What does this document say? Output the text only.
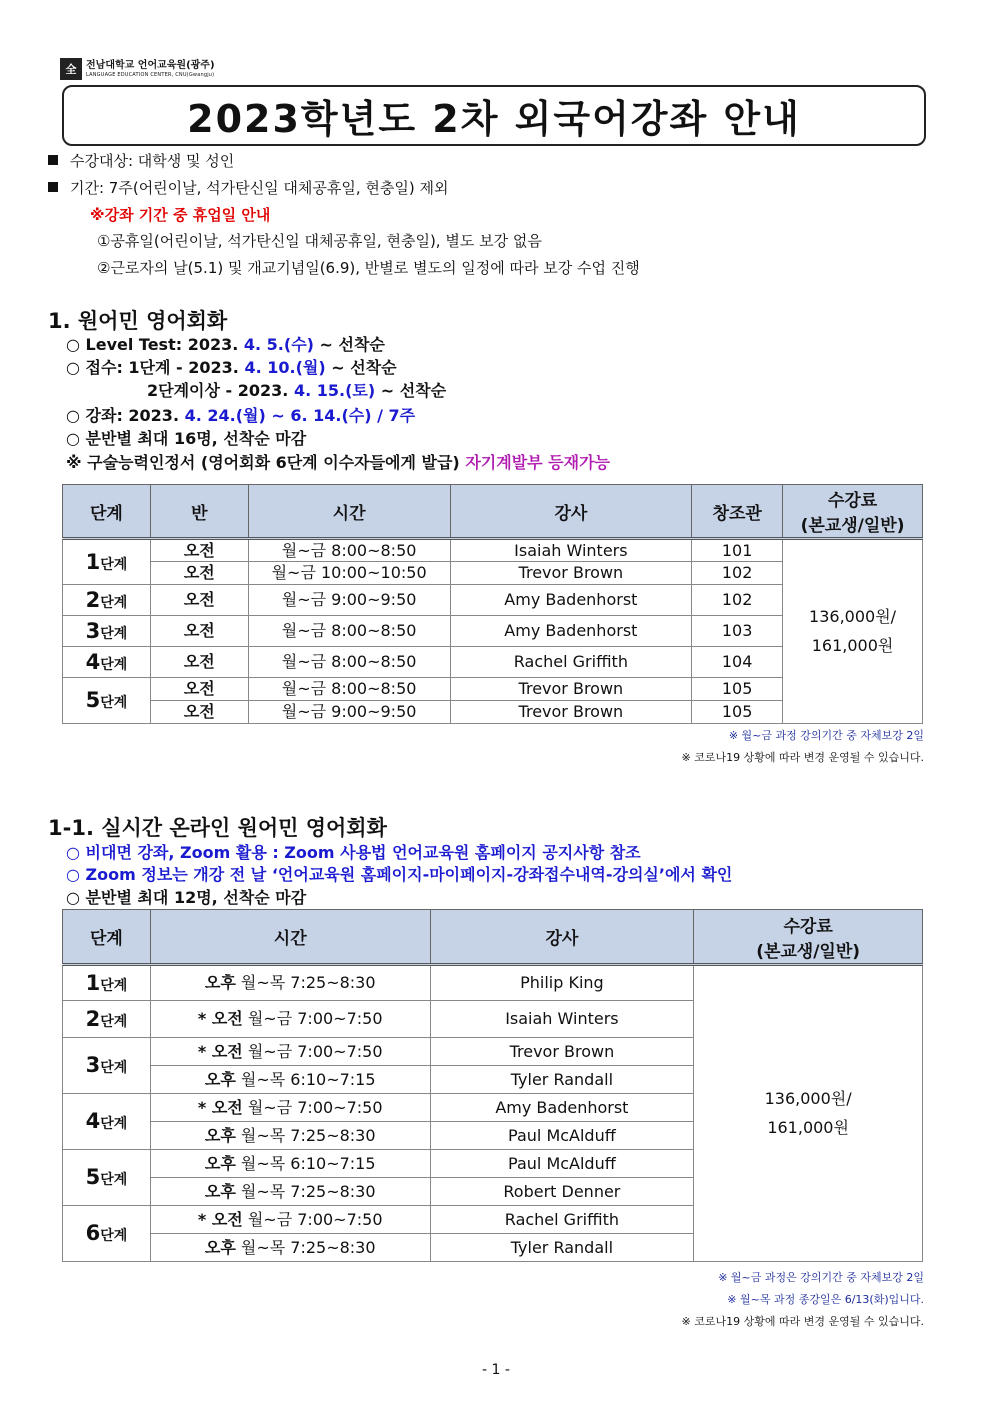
全 전남대학교 언어교육원(광주)
LANGUAGE EDUCATION CENTER, CNU(Gwangju)
2023학년도 2차 외국어강좌 안내
수강대상: 대학생 및 성인
기간: 7주(어린이날, 석가탄신일 대체공휴일, 현충일) 제외
※강좌 기간 중 휴업일 안내
①공휴일(어린이날, 석가탄신일 대체공휴일, 현충일), 별도 보강 없음
②근로자의 날(5.1) 및 개교기념일(6.9), 반별로 별도의 일정에 따라 보강 수업 진행
1. 원어민 영어회화
○ Level Test: 2023. 4. 5.(수) ~ 선착순
○ 접수: 1단계 - 2023. 4. 10.(월) ~ 선착순
2단계이상 - 2023. 4. 15.(토) ~ 선착순
○ 강좌: 2023. 4. 24.(월) ~ 6. 14.(수) / 7주
○ 분반별 최대 16명, 선착순 마감
※ 구술능력인정서 (영어회화 6단계 이수자들에게 발급) 자기계발부 등재가능
단계	반	시간	강사	창조관	수강료
(본교생/일반)

1단계	오전	월~금 8:00~8:50	Isaiah Winters	101	136,000원/
161,000원

	오전	월~금 10:00~10:50	Trevor Brown	102	
2단계	오전	월~금 9:00~9:50	Amy Badenhorst	102	
3단계	오전	월~금 8:00~8:50	Amy Badenhorst	103	
4단계	오전	월~금 8:00~8:50	Rachel Griffith	104	
5단계	오전	월~금 8:00~8:50	Trevor Brown	105	
	오전	월~금 9:00~9:50	Trevor Brown	105	
※ 월~금 과정 강의기간 중 자체보강 2일
※ 코로나19 상황에 따라 변경 운영될 수 있습니다.
1-1. 실시간 온라인 원어민 영어회화
○ 비대면 강좌, Zoom 활용 : Zoom 사용법 언어교육원 홈페이지 공지사항 참조
○ Zoom 정보는 개강 전 날 ‘언어교육원 홈페이지-마이페이지-강좌접수내역-강의실’에서 확인
○ 분반별 최대 12명, 선착순 마감
단계	시간	강사	수강료
(본교생/일반)

1단계	오후 월~목 7:25~8:30	Philip King	136,000원/
161,000원

2단계	* 오전 월~금 7:00~7:50	Isaiah Winters	
3단계	* 오전 월~금 7:00~7:50	Trevor Brown	
	오후 월~목 6:10~7:15	Tyler Randall	
4단계	* 오전 월~금 7:00~7:50	Amy Badenhorst	
	오후 월~목 7:25~8:30	Paul McAlduff	
5단계	오후 월~목 6:10~7:15	Paul McAlduff	
	오후 월~목 7:25~8:30	Robert Denner	
6단계	* 오전 월~금 7:00~7:50	Rachel Griffith	
	오후 월~목 7:25~8:30	Tyler Randall	
※ 월~금 과정은 강의기간 중 자체보강 2일
※ 월~목 과정 종강일은 6/13(화)입니다.
※ 코로나19 상황에 따라 변경 운영될 수 있습니다.
- 1 -
